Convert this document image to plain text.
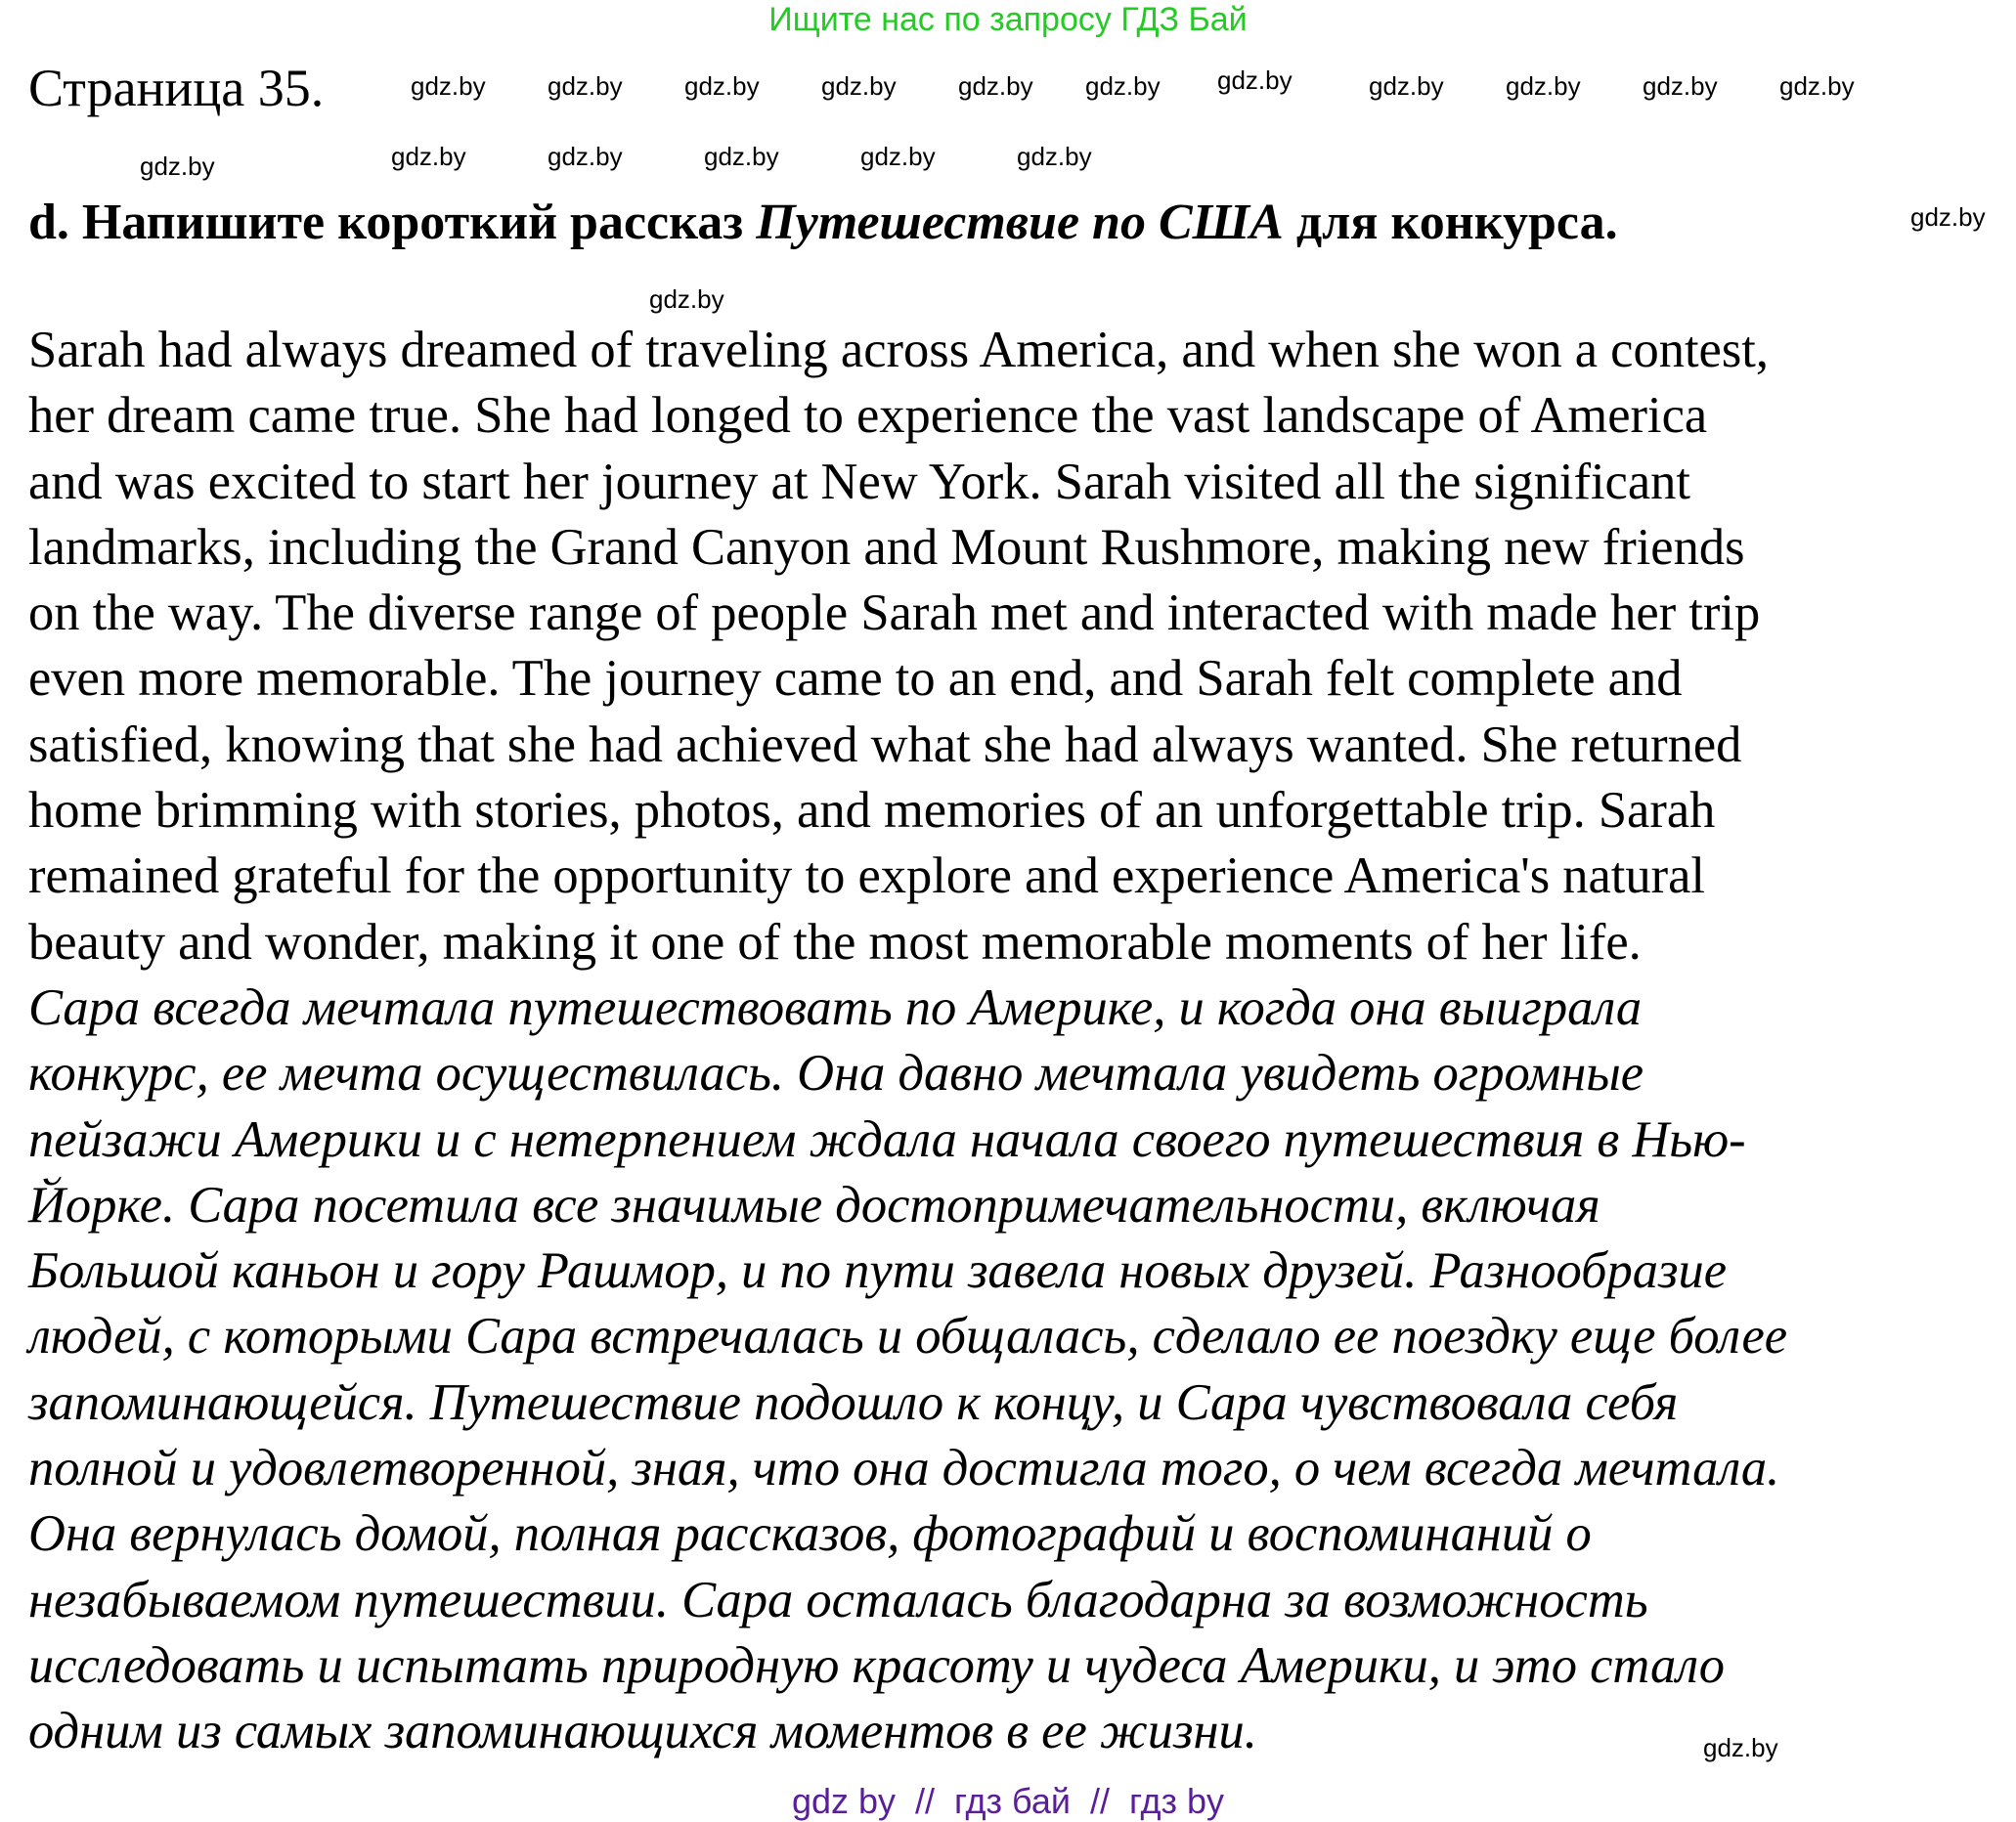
Ищите нас по запросу ГДЗ Бай
Страница 35.
d. Напишите короткий рассказ Путешествие по США для конкурса.
Sarah had always dreamed of traveling across America, and when she won a contest,
her dream came true. She had longed to experience the vast landscape of America
and was excited to start her journey at New York. Sarah visited all the significant
landmarks, including the Grand Canyon and Mount Rushmore, making new friends
on the way. The diverse range of people Sarah met and interacted with made her trip
even more memorable. The journey came to an end, and Sarah felt complete and
satisfied, knowing that she had achieved what she had always wanted. She returned
home brimming with stories, photos, and memories of an unforgettable trip. Sarah
remained grateful for the opportunity to explore and experience America's natural
beauty and wonder, making it one of the most memorable moments of her life.
Сара всегда мечтала путешествовать по Америке, и когда она выиграла
конкурс, ее мечта осуществилась. Она давно мечтала увидеть огромные
пейзажи Америки и с нетерпением ждала начала своего путешествия в Нью-
Йорке. Сара посетила все значимые достопримечательности, включая
Большой каньон и гору Рашмор, и по пути завела новых друзей. Разнообразие
людей, с которыми Сара встречалась и общалась, сделало ее поездку еще более
запоминающейся. Путешествие подошло к концу, и Сара чувствовала себя
полной и удовлетворенной, зная, что она достигла того, о чем всегда мечтала.
Она вернулась домой, полная рассказов, фотографий и воспоминаний о
незабываемом путешествии. Сара осталась благодарна за возможность
исследовать и испытать природную красоту и чудеса Америки, и это стало
одним из самых запоминающихся моментов в ее жизни.
gdz.by
gdz.by
gdz.by
gdz.by
gdz.by
gdz.by gdz.by gdz.by gdz.by gdz.by gdz.by	gdz.by gdz.by gdz.by gdz.by
gdz.by	gdz.by	gdz.by	gdz.by	gdz.by
gdz by  //  гдз бай  //  гдз by
